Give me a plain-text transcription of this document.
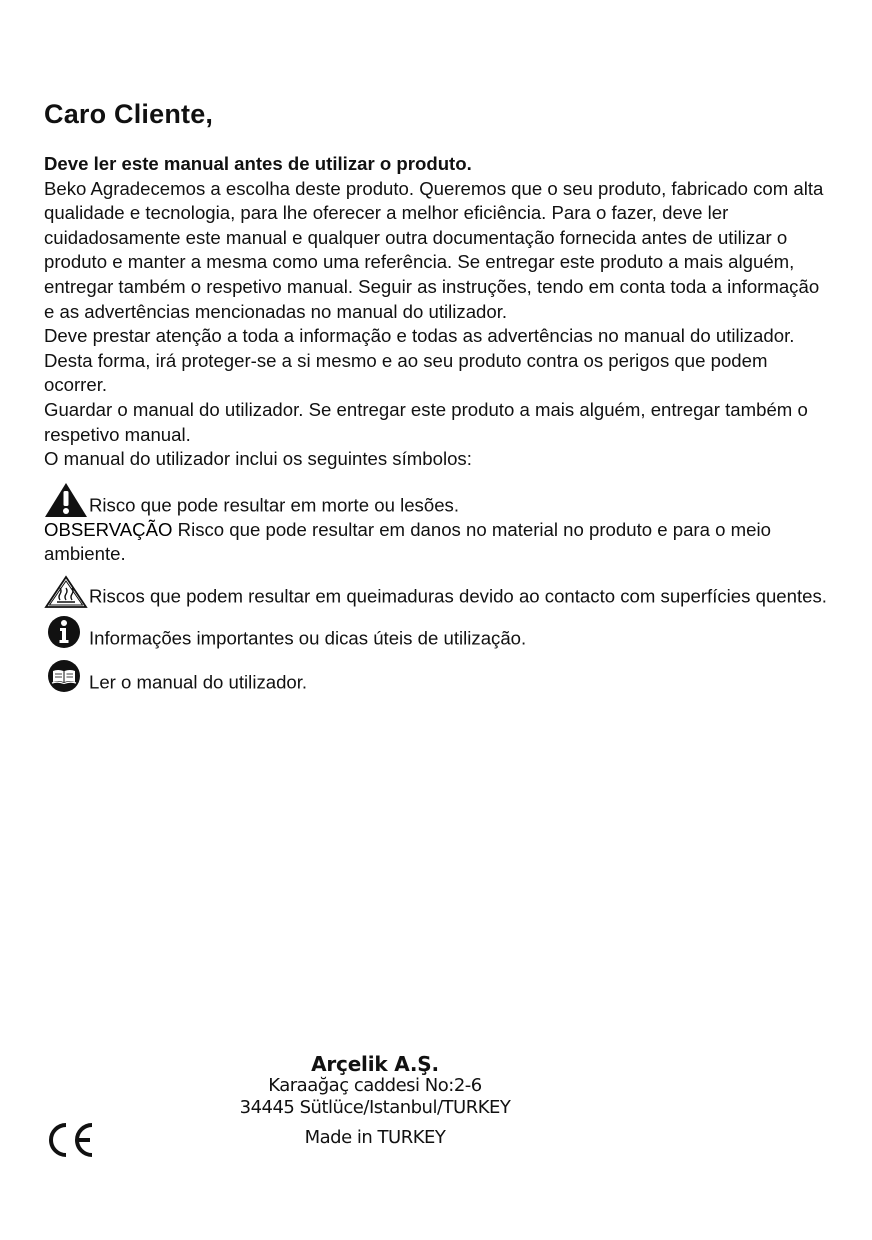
Caro Cliente,

Deve ler este manual antes de utilizar o produto.

Beko Agradecemos a escolha deste produto. Queremos que o seu produto, fabricado com alta qualidade e tecnologia, para lhe oferecer a melhor eficiência. Para o fazer, deve ler cuidadosamente este manual e qualquer outra documentação fornecida antes de utilizar o produto e manter a mesma como uma referência. Se entregar este produto a mais alguém, entregar também o respetivo manual. Seguir as instruções, tendo em conta toda a informação e as advertências mencionadas no manual do utilizador.

Deve prestar atenção a toda a informação e todas as advertências no manual do utilizador. Desta forma, irá proteger-se a si mesmo e ao seu produto contra os perigos que podem ocorrer.

Guardar o manual do utilizador. Se entregar este produto a mais alguém, entregar também o respetivo manual.

O manual do utilizador inclui os seguintes símbolos:

Risco que pode resultar em morte ou lesões.

OBSERVAÇÃO Risco que pode resultar em danos no material no produto e para o meio ambiente.

Riscos que podem resultar em queimaduras devido ao contacto com superfícies quentes.

Informações importantes ou dicas úteis de utilização.

Ler o manual do utilizador.

Arçelik A.Ş.
Karaağaç caddesi No:2-6
34445 Sütlüce/Istanbul/TURKEY
Made in TURKEY
